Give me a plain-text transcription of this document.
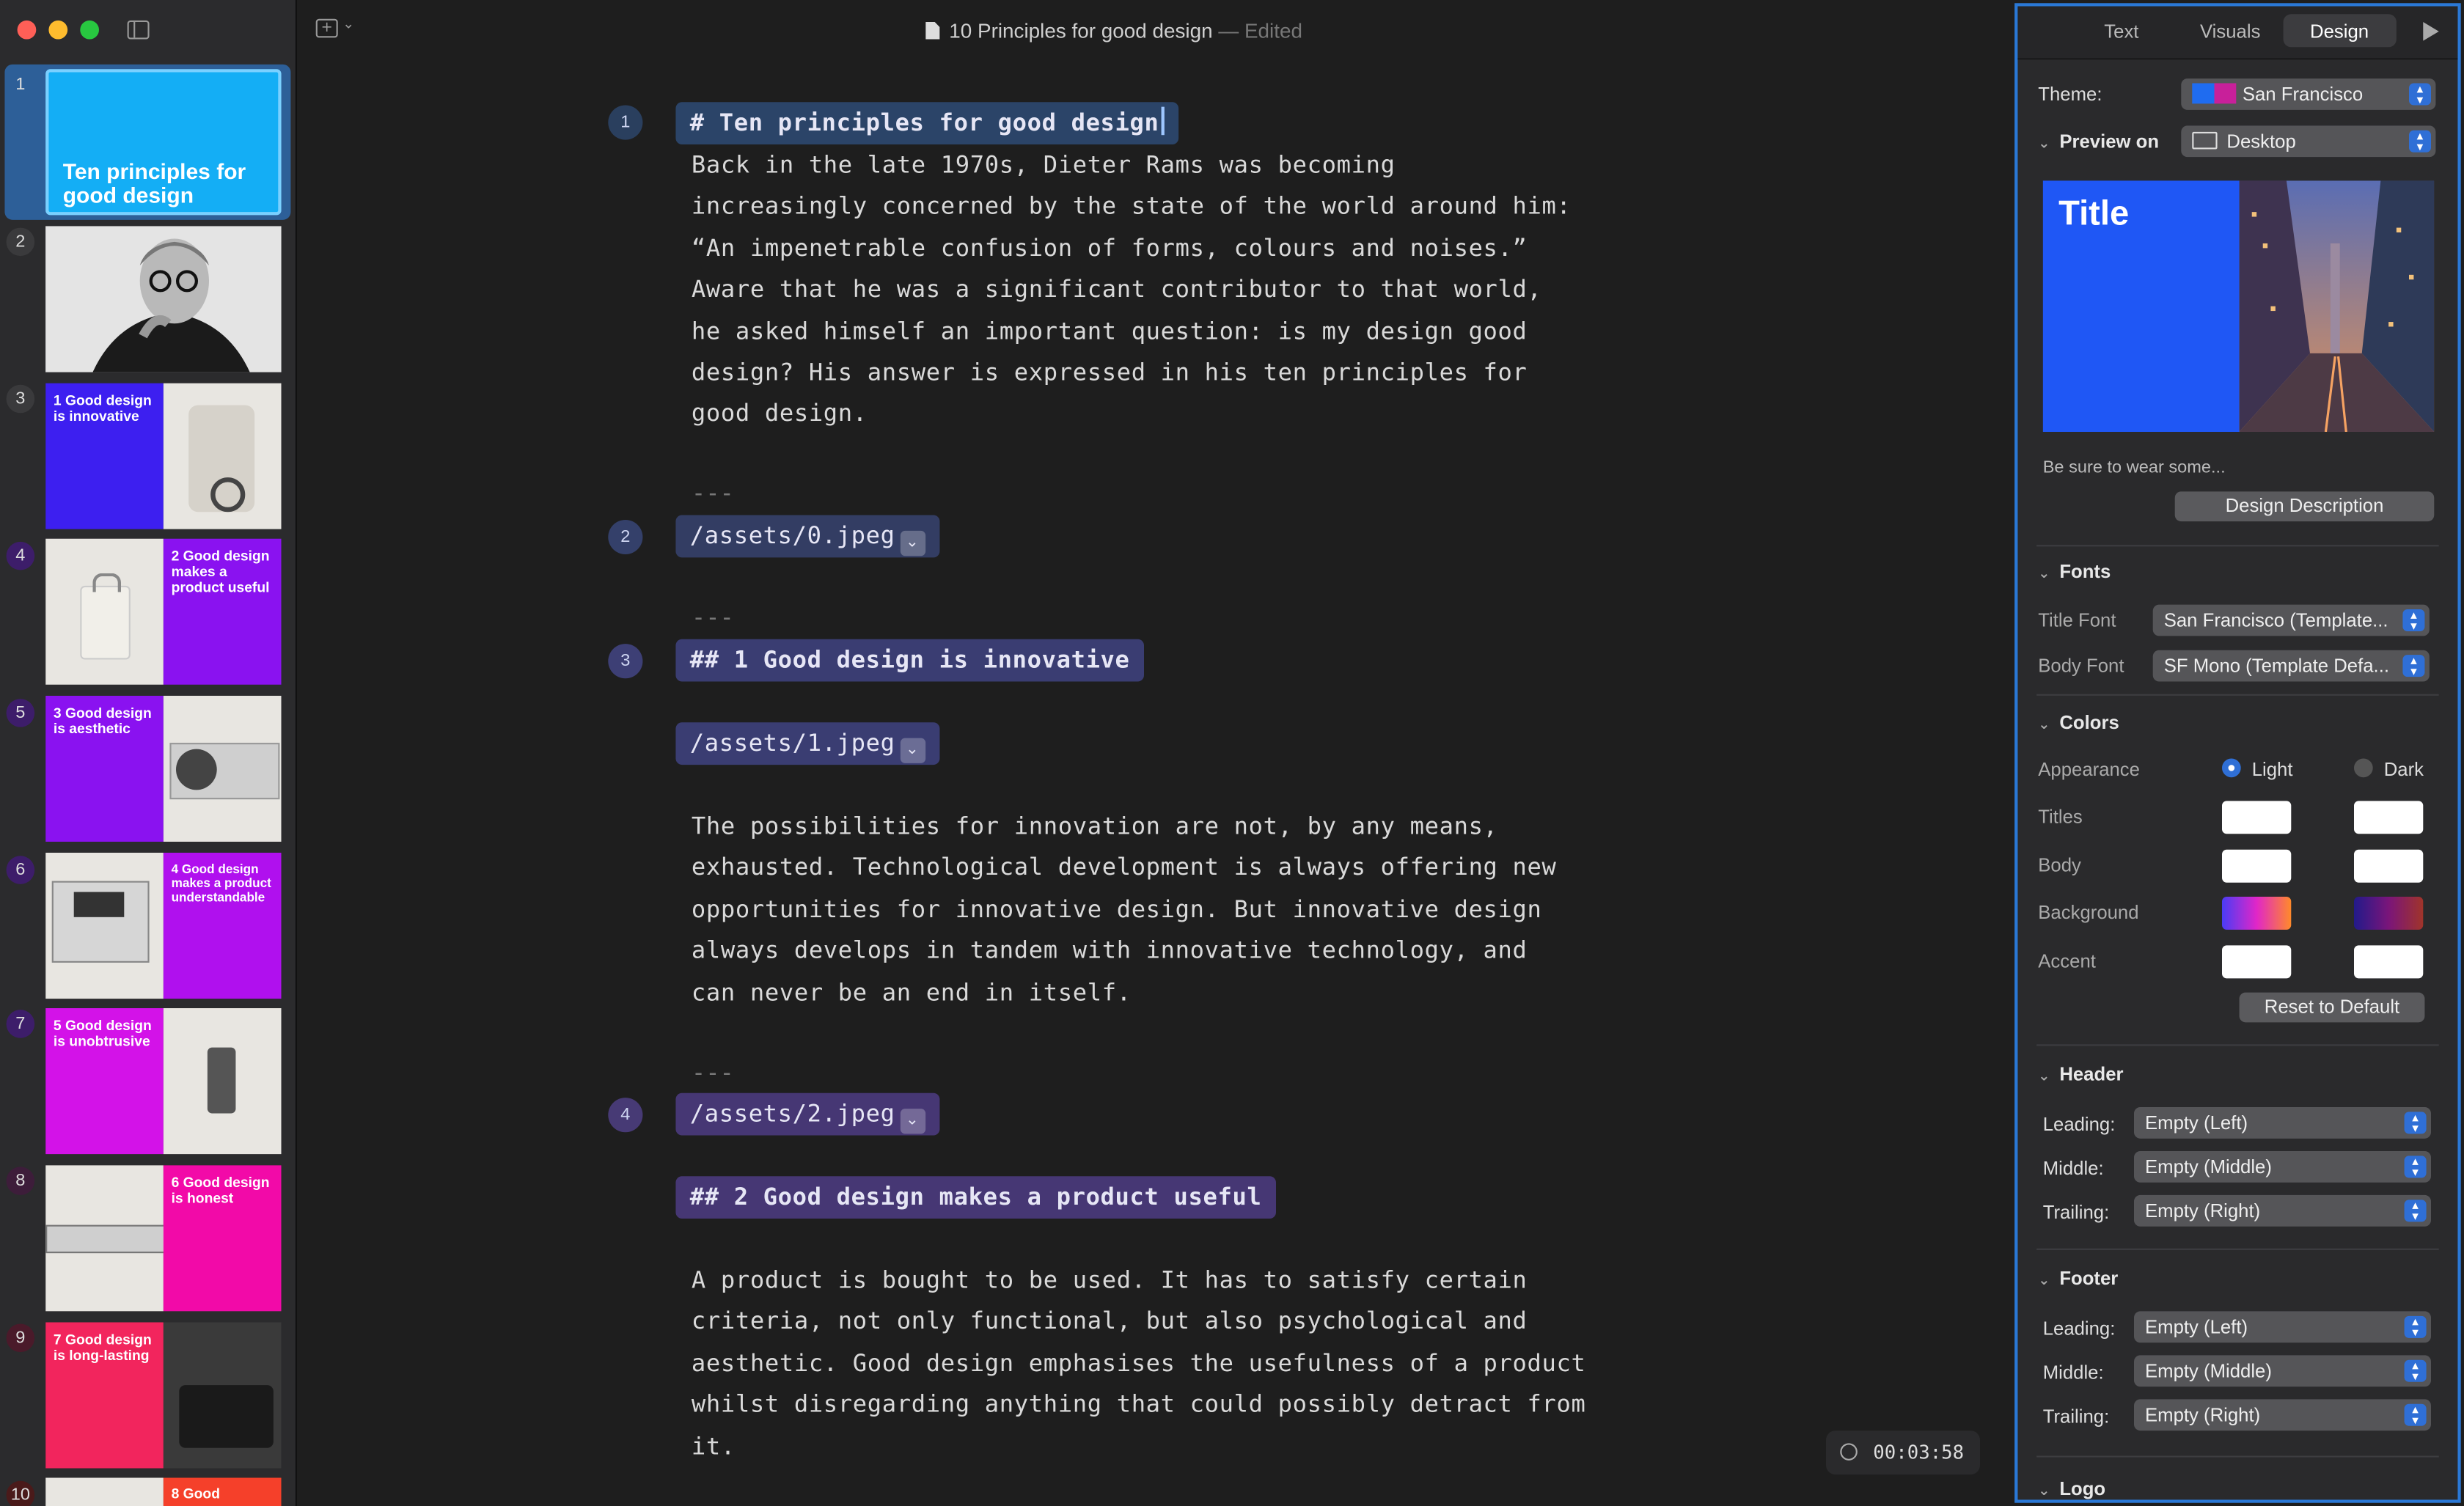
1
Ten principles for good design
2
3	1 Good design is innovative
4	2 Good design makes a product useful
5	3 Good design is aesthetic
6	4 Good design makes a product understandable
7	5 Good design is unobtrusive
8	6 Good design is honest
9	7 Good design is long-lasting
10	8 Good
+	⌄	10 Principles for good design — Edited
1
2
3
4
# Ten principles for good design
Back in the late 1970s, Dieter Rams was becoming
increasingly concerned by the state of the world around him:
“An impenetrable confusion of forms, colours and noises.”
Aware that he was a significant contributor to that world,
he asked himself an important question: is my design good
design? His answer is expressed in his ten principles for
good design.
---
/assets/0.jpeg ⌄
---
## 1 Good design is innovative
/assets/1.jpeg ⌄
The possibilities for innovation are not, by any means,
exhausted. Technological development is always offering new
opportunities for innovative design. But innovative design
always develops in tandem with innovative technology, and
can never be an end in itself.
---
/assets/2.jpeg ⌄
## 2 Good design makes a product useful
A product is bought to be used. It has to satisfy certain
criteria, not only functional, but also psychological and
aesthetic. Good design emphasises the usefulness of a product
whilst disregarding anything that could possibly detract from
it.	00:03:58
Text	Visuals	Design
Theme:	San Francisco	▴
▾
⌄ Preview on	Desktop	▴
▾
Title
Be sure to wear some...
Design Description
⌄ Fonts
Title Font	San Francisco (Template...	▴
▾
Body Font	SF Mono (Template Defa...	▴
▾
⌄ Colors
Appearance	Light	Dark
Titles
Body
Background
Accent
Reset to Default
⌄ Header
Leading:	Empty (Left)	▴
▾
Middle:	Empty (Middle)	▴
▾
Trailing:	Empty (Right)	▴
▾
⌄ Footer
Leading:	Empty (Left)	▴
▾
Middle:	Empty (Middle)	▴
▾
Trailing:	Empty (Right)	▴
▾
⌄ Logo
